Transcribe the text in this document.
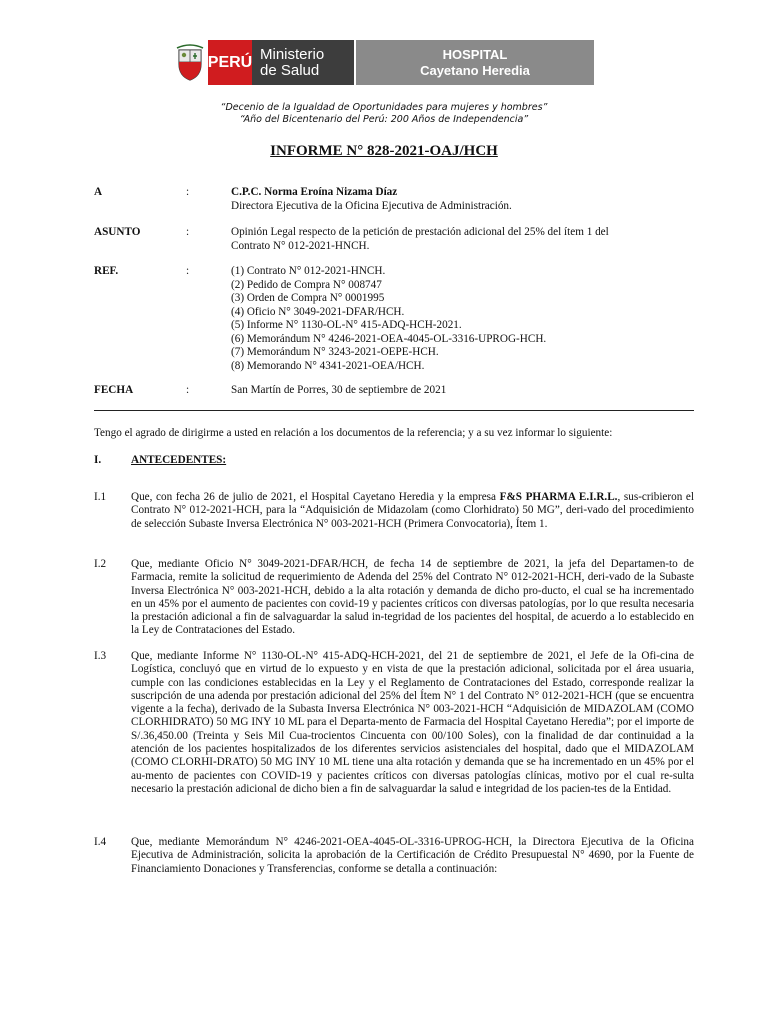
PERÚ Ministerio
de Salud
HOSPITAL
Cayetano Heredia
“Decenio de la Igualdad de Oportunidades para mujeres y hombres”
“Año del Bicentenario del Perú: 200 Años de Independencia”
INFORME N° 828-2021-OAJ/HCH
A	:	C.P.C. Norma Eroína Nizama Díaz
Directora Ejecutiva de la Oficina Ejecutiva de Administración.
ASUNTO	:	Opinión Legal respecto de la petición de prestación adicional del 25% del ítem 1 del
Contrato N° 012-2021-HNCH.
REF.	:	(1) Contrato N° 012-2021-HNCH.
(2) Pedido de Compra N° 008747
(3) Orden de Compra N° 0001995
(4) Oficio N° 3049-2021-DFAR/HCH.
(5) Informe N° 1130-OL-N° 415-ADQ-HCH-2021.
(6) Memorándum N° 4246-2021-OEA-4045-OL-3316-UPROG-HCH.
(7) Memorándum N° 3243-2021-OEPE-HCH.
(8) Memorando N° 4341-2021-OEA/HCH.
FECHA	:	San Martín de Porres, 30 de septiembre de 2021
Tengo el agrado de dirigirme a usted en relación a los documentos de la referencia; y a su vez informar lo siguiente:
I.	ANTECEDENTES:
I.1 Que, con fecha 26 de julio de 2021, el Hospital Cayetano Heredia y la empresa F&S PHARMA E.I.R.L., sus-cribieron el Contrato N° 012-2021-HCH, para la “Adquisición de Midazolam (como Clorhidrato) 50 MG”, deri-vado del procedimiento de selección Subaste Inversa Electrónica N° 003-2021-HCH (Primera Convocatoria), Ítem 1.
I.2 Que, mediante Oficio N° 3049-2021-DFAR/HCH, de fecha 14 de septiembre de 2021, la jefa del Departamen-to de Farmacia, remite la solicitud de requerimiento de Adenda del 25% del Contrato N° 012-2021-HCH, deri-vado de la Subaste Inversa Electrónica N° 003-2021-HCH, debido a la alta rotación y demanda de dicho pro-ducto, el cual se ha incrementado en un 45% por el aumento de pacientes con covid-19 y pacientes críticos con diversas patologías, por lo que resulta necesaria la prestación adicional a fin de salvaguardar la salud in-tegridad de los pacientes del hospital, de acuerdo a lo establecido en la Ley de Contrataciones del Estado.
I.3 Que, mediante Informe N° 1130-OL-N° 415-ADQ-HCH-2021, del 21 de septiembre de 2021, el Jefe de la Ofi-cina de Logística, concluyó que en virtud de lo expuesto y en vista de que la prestación adicional, solicitada por el área usuaria, cumple con las condiciones establecidas en la Ley y el Reglamento de Contrataciones del Estado, corresponde realizar la suscripción de una adenda por prestación adicional del 25% del Ítem N° 1 del Contrato N° 012-2021-HCH (que se encuentra vigente a la fecha), derivado de la Subasta Inversa Electrónica N° 003-2021-HCH “Adquisición de MIDAZOLAM (COMO CLORHIDRATO) 50 MG INY 10 ML para el Departa-mento de Farmacia del Hospital Cayetano Heredia”; por el importe de S/.36,450.00 (Treinta y Seis Mil Cua-trocientos Cincuenta con 00/100 Soles), con la finalidad de dar continuidad a la atención de los pacientes hospitalizados de los diferentes servicios asistenciales del hospital, dado que el MIDAZOLAM (COMO CLORHI-DRATO) 50 MG INY 10 ML tiene una alta rotación y demanda que se ha incrementado en un 45% por el au-mento de pacientes con COVID-19 y pacientes críticos con diversas patologías clínicas, motivo por el cual re-sulta necesario la prestación adicional de dicho bien a fin de salvaguardar la salud e integridad de los pacien-tes de la Entidad.
I.4 Que, mediante Memorándum N° 4246-2021-OEA-4045-OL-3316-UPROG-HCH, la Directora Ejecutiva de la Oficina Ejecutiva de Administración, solicita la aprobación de la Certificación de Crédito Presupuestal N° 4690, por la Fuente de Financiamiento Donaciones y Transferencias, conforme se detalla a continuación:
